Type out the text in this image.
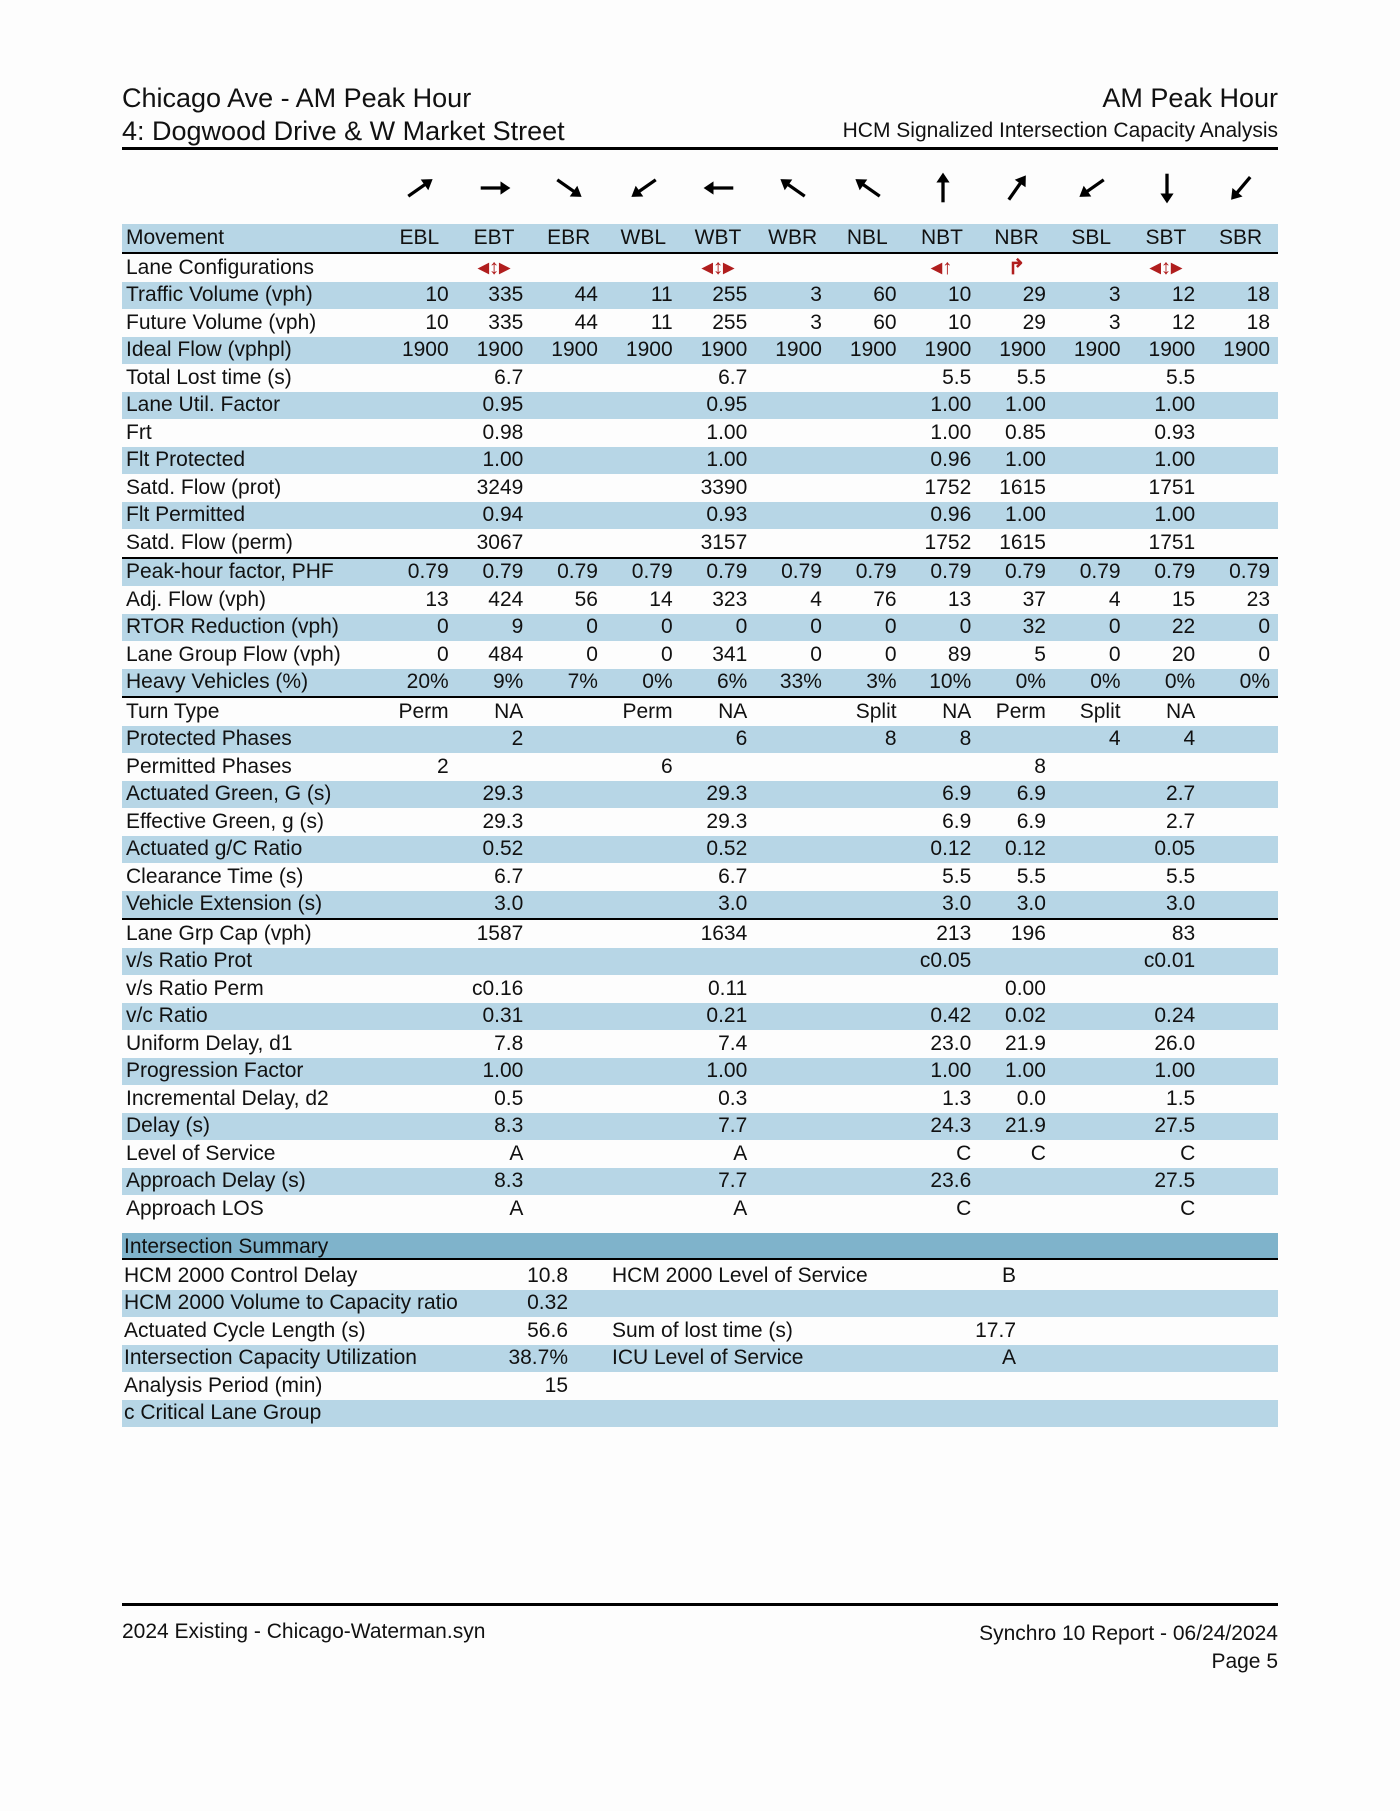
Chicago Ave - AM Peak Hour
4: Dogwood Drive & W Market Street
AM Peak Hour
HCM Signalized Intersection Capacity Analysis
Movement	EBL	EBT	EBR	WBL	WBT	WBR	NBL	NBT	NBR	SBL	SBT	SBR
Lane Configurations		◂↕▸			◂↕▸			◂↑	↱		◂↕▸	
Traffic Volume (vph)	10	335	44	11	255	3	60	10	29	3	12	18
Future Volume (vph)	10	335	44	11	255	3	60	10	29	3	12	18
Ideal Flow (vphpl)	1900	1900	1900	1900	1900	1900	1900	1900	1900	1900	1900	1900
Total Lost time (s)		6.7			6.7			5.5	5.5		5.5	
Lane Util. Factor		0.95			0.95			1.00	1.00		1.00	
Frt		0.98			1.00			1.00	0.85		0.93	
Flt Protected		1.00			1.00			0.96	1.00		1.00	
Satd. Flow (prot)		3249			3390			1752	1615		1751	
Flt Permitted		0.94			0.93			0.96	1.00		1.00	
Satd. Flow (perm)		3067			3157			1752	1615		1751	
Peak-hour factor, PHF	0.79	0.79	0.79	0.79	0.79	0.79	0.79	0.79	0.79	0.79	0.79	0.79
Adj. Flow (vph)	13	424	56	14	323	4	76	13	37	4	15	23
RTOR Reduction (vph)	0	9	0	0	0	0	0	0	32	0	22	0
Lane Group Flow (vph)	0	484	0	0	341	0	0	89	5	0	20	0
Heavy Vehicles (%)	20%	9%	7%	0%	6%	33%	3%	10%	0%	0%	0%	0%
Turn Type	Perm	NA		Perm	NA		Split	NA	Perm	Split	NA	
Protected Phases		2			6		8	8		4	4	
Permitted Phases	2			6					8			
Actuated Green, G (s)		29.3			29.3			6.9	6.9		2.7	
Effective Green, g (s)		29.3			29.3			6.9	6.9		2.7	
Actuated g/C Ratio		0.52			0.52			0.12	0.12		0.05	
Clearance Time (s)		6.7			6.7			5.5	5.5		5.5	
Vehicle Extension (s)		3.0			3.0			3.0	3.0		3.0	
Lane Grp Cap (vph)		1587			1634			213	196		83	
v/s Ratio Prot								c0.05			c0.01	
v/s Ratio Perm		c0.16			0.11				0.00			
v/c Ratio		0.31			0.21			0.42	0.02		0.24	
Uniform Delay, d1		7.8			7.4			23.0	21.9		26.0	
Progression Factor		1.00			1.00			1.00	1.00		1.00	
Incremental Delay, d2		0.5			0.3			1.3	0.0		1.5	
Delay (s)		8.3			7.7			24.3	21.9		27.5	
Level of Service		A			A			C	C		C	
Approach Delay (s)		8.3			7.7			23.6			27.5	
Approach LOS		A			A			C			C	
Intersection Summary
HCM 2000 Control Delay	10.8		HCM 2000 Level of Service	B	
HCM 2000 Volume to Capacity ratio	0.32				
Actuated Cycle Length (s)	56.6		Sum of lost time (s)	17.7	
Intersection Capacity Utilization	38.7%		ICU Level of Service	A	
Analysis Period (min)	15				
c Critical Lane Group					
2024 Existing - Chicago-Waterman.syn	Synchro 10 Report - 06/24/2024
Page 5
